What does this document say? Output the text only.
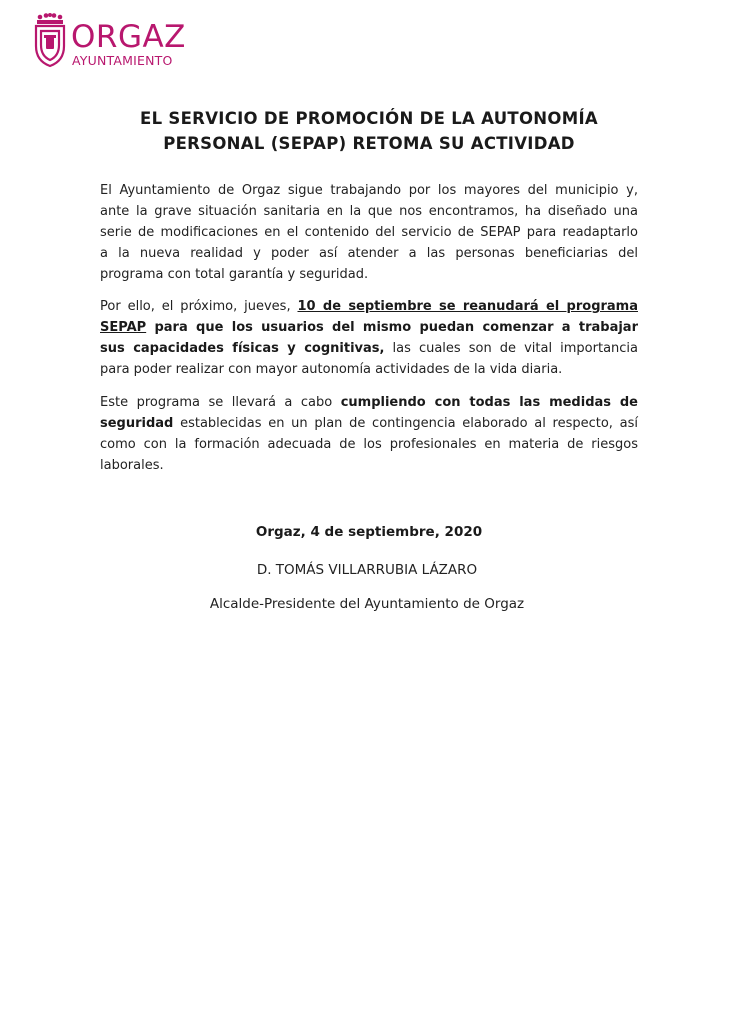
ORGAZ
AYUNTAMIENTO
EL SERVICIO DE PROMOCIÓN DE LA AUTONOMÍA
PERSONAL (SEPAP) RETOMA SU ACTIVIDAD
El Ayuntamiento de Orgaz sigue trabajando por los mayores del municipio y,
ante la grave situación sanitaria en la que nos encontramos, ha diseñado una
serie de modificaciones en el contenido del servicio de SEPAP para readaptarlo
a la nueva realidad y poder así atender a las personas beneficiarias del
programa con total garantía y seguridad.
Por ello, el próximo, jueves, 10 de septiembre se reanudará el programa
SEPAP para que los usuarios del mismo puedan comenzar a trabajar
sus capacidades físicas y cognitivas, las cuales son de vital importancia
para poder realizar con mayor autonomía actividades de la vida diaria.
Este programa se llevará a cabo cumpliendo con todas las medidas de
seguridad establecidas en un plan de contingencia elaborado al respecto, así
como con la formación adecuada de los profesionales en materia de riesgos
laborales.

Orgaz, 4 de septiembre, 2020

D. TOMÁS VILLARRUBIA LÁZARO

Alcalde-Presidente del Ayuntamiento de Orgaz
